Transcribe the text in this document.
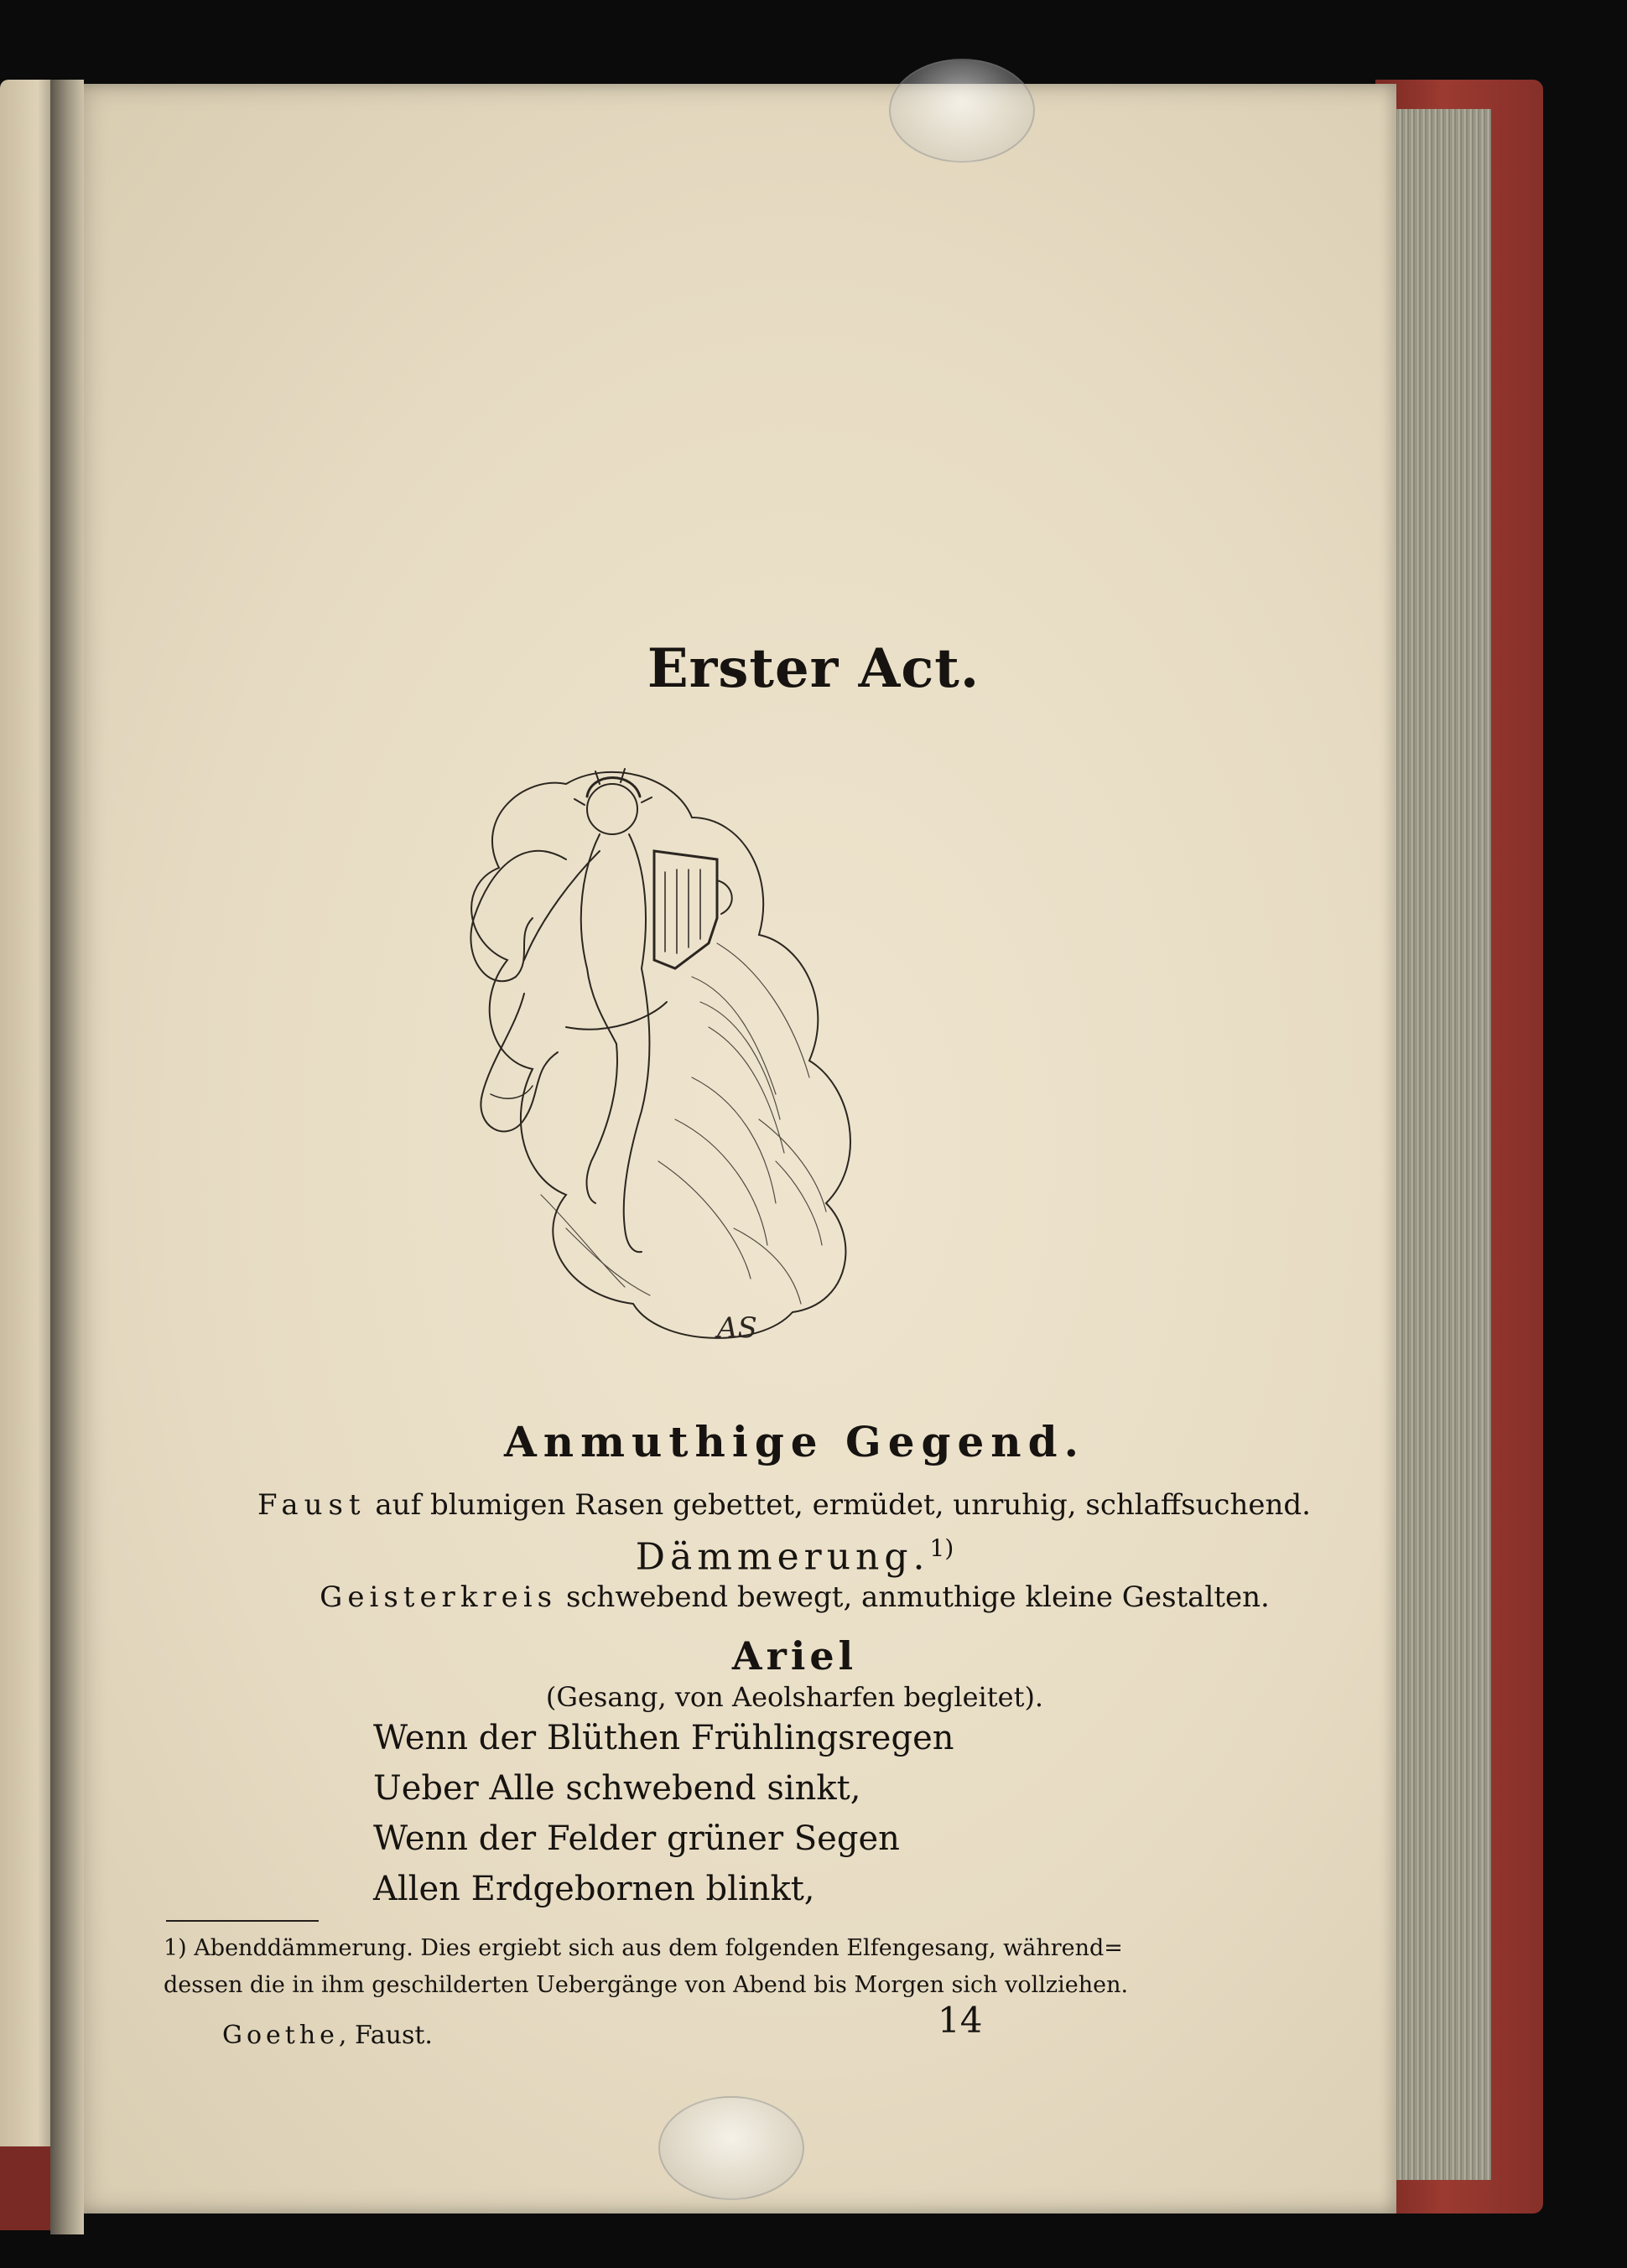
Erster Act.
AS
Anmuthige Gegend.
Faust auf blumigen Rasen gebettet, ermüdet, unruhig, schlaffsuchend.
Dämmerung.$^{1)}$
Geisterkreis schwebend bewegt, anmuthige kleine Gestalten.
Ariel
(Gesang, von Aeolsharfen begleitet).
Wenn der Blüthen Frühlingsregen
Ueber Alle schwebend sinkt,
Wenn der Felder grüner Segen
Allen Erdgebornen blinkt,
1) Abenddämmerung. Dies ergiebt sich aus dem folgenden Elfengesang, während=
dessen die in ihm geschilderten Uebergänge von Abend bis Morgen sich vollziehen.
Goethe, Faust.	14
